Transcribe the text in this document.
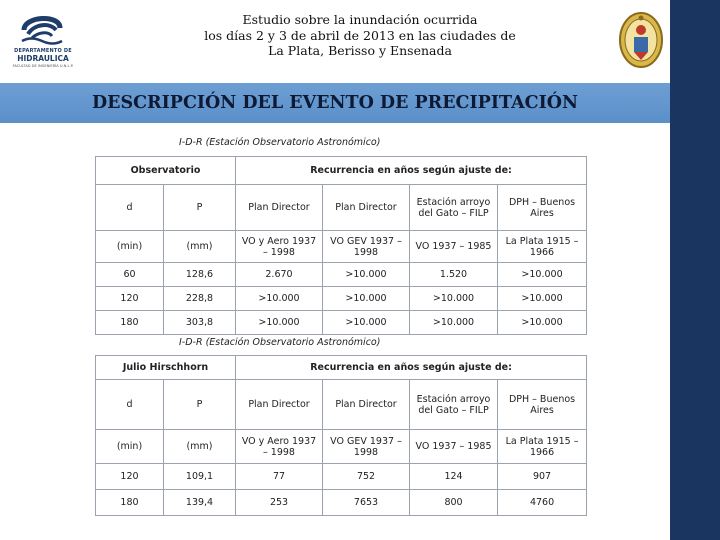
DEPARTAMENTO DE
HIDRAULICA
FACULTAD DE INGENIERÍA U.N.L.P.
Estudio sobre la inundación ocurrida
los días 2 y 3 de abril de 2013 en las ciudades de
La Plata, Berisso y Ensenada
DESCRIPCIÓN DEL EVENTO DE PRECIPITACIÓN
I-D-R (Estación Observatorio Astronómico)
Observatorio		Recurrencia en años según ajuste de:			
d	P	Plan Director	Plan Director	Estación arroyo del Gato – FILP	DPH – Buenos Aires
(min)	(mm)	VO y Aero 1937 – 1998	VO GEV 1937 – 1998	VO 1937 – 1985	La Plata 1915 – 1966
60	128,6	2.670	>10.000	1.520	>10.000
120	228,8	>10.000	>10.000	>10.000	>10.000
180	303,8	>10.000	>10.000	>10.000	>10.000
I-D-R (Estación Observatorio Astronómico)
Julio Hirschhorn		Recurrencia en años según ajuste de:			
d	P	Plan Director	Plan Director	Estación arroyo del Gato – FILP	DPH – Buenos Aires
(min)	(mm)	VO y Aero 1937 – 1998	VO GEV 1937 – 1998	VO 1937 – 1985	La Plata 1915 – 1966
120	109,1	77	752	124	907
180	139,4	253	7653	800	4760
